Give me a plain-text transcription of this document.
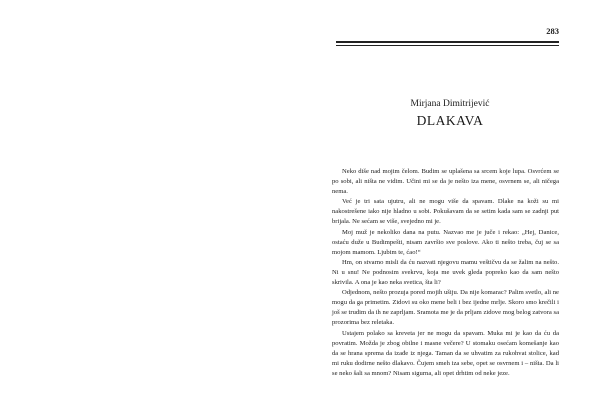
283
Mirjana Dimitrijević
DLAKAVA

Neko diše nad mojim čelom. Budim se uplašena sa srcem koje lupa. Osvrćem se po sobi, ali ništa ne vidim. Učini mi se da je nešto iza mene, osvrnem se, ali ničega nema.

Već je tri sata ujutru, ali ne mogu više da spavam. Dlake na koži su mi nakostrešene iako nije hladno u sobi. Pokušavam da se setim kada sam se zadnji put brijala. Ne sećam se više, svejedno mi je.

Moj muž je nekoliko dana na putu. Nazvao me je juče i rekao: „Hej, Danice, ostaću duže u Budimpešti, nisam završio sve poslove. Ako ti nešto treba, čuj se sa mojom mamom. Ljubim te, ćao!“

Hm, on stvarno misli da ću nazvati njegovu mamu veštičvu da se žalim na nešto. Ni u snu! Ne podnosim svekrvu, koja me uvek gleda popreko kao da sam nešto skrivila. A ona je kao neka svetica, šta li?

Odjednom, nešto prozuja pored mojih ušiju. Da nije komarac? Palim svetlo, ali ne mogu da ga primetim. Zidovi su oko mene beli i bez ijedne mrlje. Skoro smo krečili i još se trudim da ih ne zaprljam. Sramota me je da prljam zidove mog belog zatvora sa prozorima bez reletaka.

Ustajem polako sa kreveta jer ne mogu da spavam. Muka mi je kao da ću da povratim. Možda je zbog obilne i masne večere? U stomaku osećam komešanje kao da se hrana sprema da izađe iz njega. Taman da se uhvatim za rukohvat stolice, kad mi ruku dodirne nešto dlakavo. Čujem smeh iza sebe, opet se osvrnem i – ništa. Da li se neko šali sa mnom? Nisam sigurna, ali opet drhtim od neke jeze.
